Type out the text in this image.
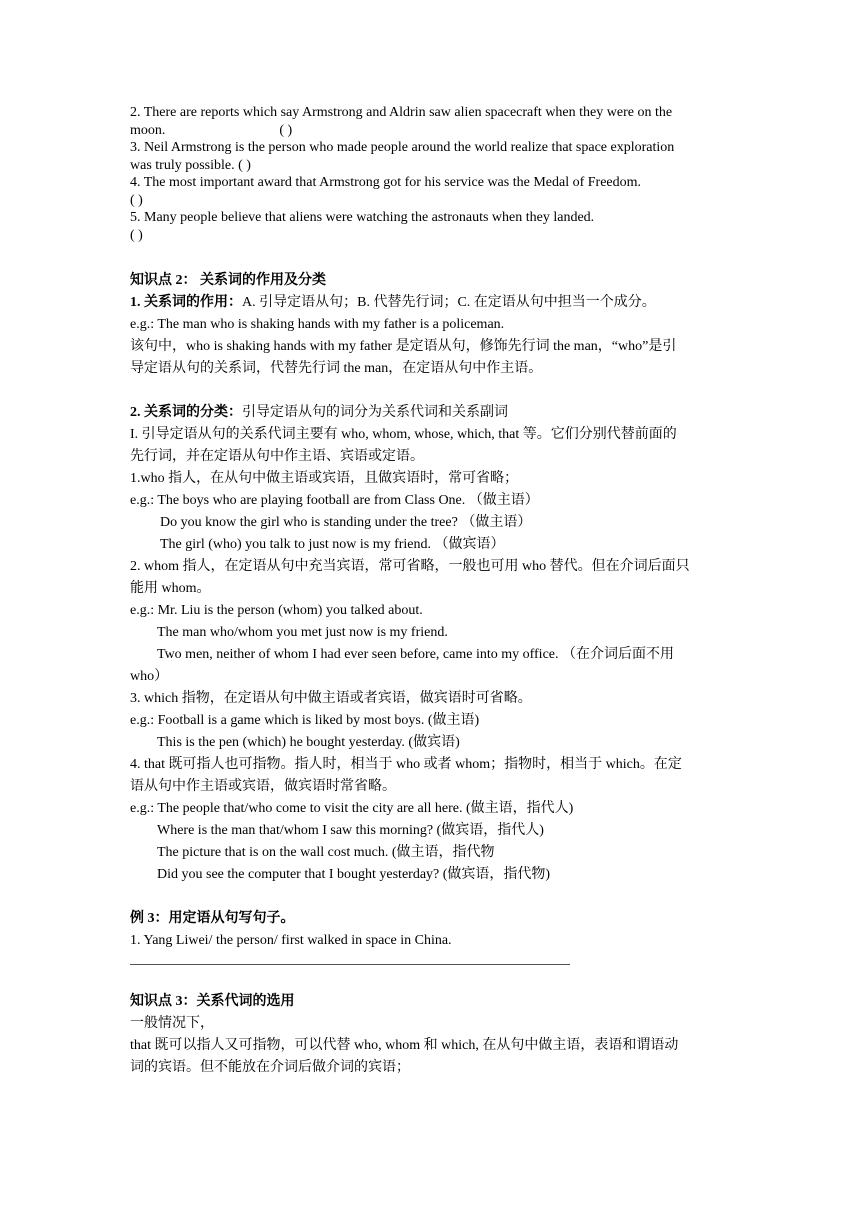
2. There are reports which say Armstrong and Aldrin saw alien spacecraft when they were on the

moon.	( )

3. Neil Armstrong is the person who made people around the world realize that space exploration

was truly possible. ( )

4. The most important award that Armstrong got for his service was the Medal of Freedom.

( )

5. Many people believe that aliens were watching the astronauts when they landed.

( )

知识点 2： 关系词的作用及分类

1. 关系词的作用：A. 引导定语从句；B. 代替先行词；C. 在定语从句中担当一个成分。

e.g.: The man who is shaking hands with my father is a policeman.

该句中，who is shaking hands with my father 是定语从句，修饰先行词 the man，“who”是引

导定语从句的关系词，代替先行词 the man，在定语从句中作主语。

2. 关系词的分类：引导定语从句的词分为关系代词和关系副词

I. 引导定语从句的关系代词主要有 who, whom, whose, which, that 等。它们分别代替前面的

先行词，并在定语从句中作主语、宾语或定语。

1.who 指人，在从句中做主语或宾语，且做宾语时，常可省略；

e.g.: The boys who are playing football are from Class One. （做主语）

Do you know the girl who is standing under the tree? （做主语）

The girl (who) you talk to just now is my friend. （做宾语）

2. whom 指人，在定语从句中充当宾语，常可省略，一般也可用 who 替代。但在介词后面只

能用 whom。

e.g.: Mr. Liu is the person (whom) you talked about.

The man who/whom you met just now is my friend.

Two men, neither of whom I had ever seen before, came into my office. （在介词后面不用

who）

3. which 指物，在定语从句中做主语或者宾语，做宾语时可省略。

e.g.: Football is a game which is liked by most boys. (做主语)

This is the pen (which) he bought yesterday. (做宾语)

4. that 既可指人也可指物。指人时，相当于 who 或者 whom；指物时，相当于 which。在定

语从句中作主语或宾语，做宾语时常省略。

e.g.: The people that/who come to visit the city are all here. (做主语，指代人)

Where is the man that/whom I saw this morning? (做宾语，指代人)

The picture that is on the wall cost much. (做主语，指代物

Did you see the computer that I bought yesterday? (做宾语，指代物)

例 3：用定语从句写句子。

1. Yang Liwei/ the person/ first walked in space in China.

知识点 3：关系代词的选用

一般情况下，

that 既可以指人又可指物，可以代替 who, whom 和 which, 在从句中做主语，表语和谓语动

词的宾语。但不能放在介词后做介词的宾语；
